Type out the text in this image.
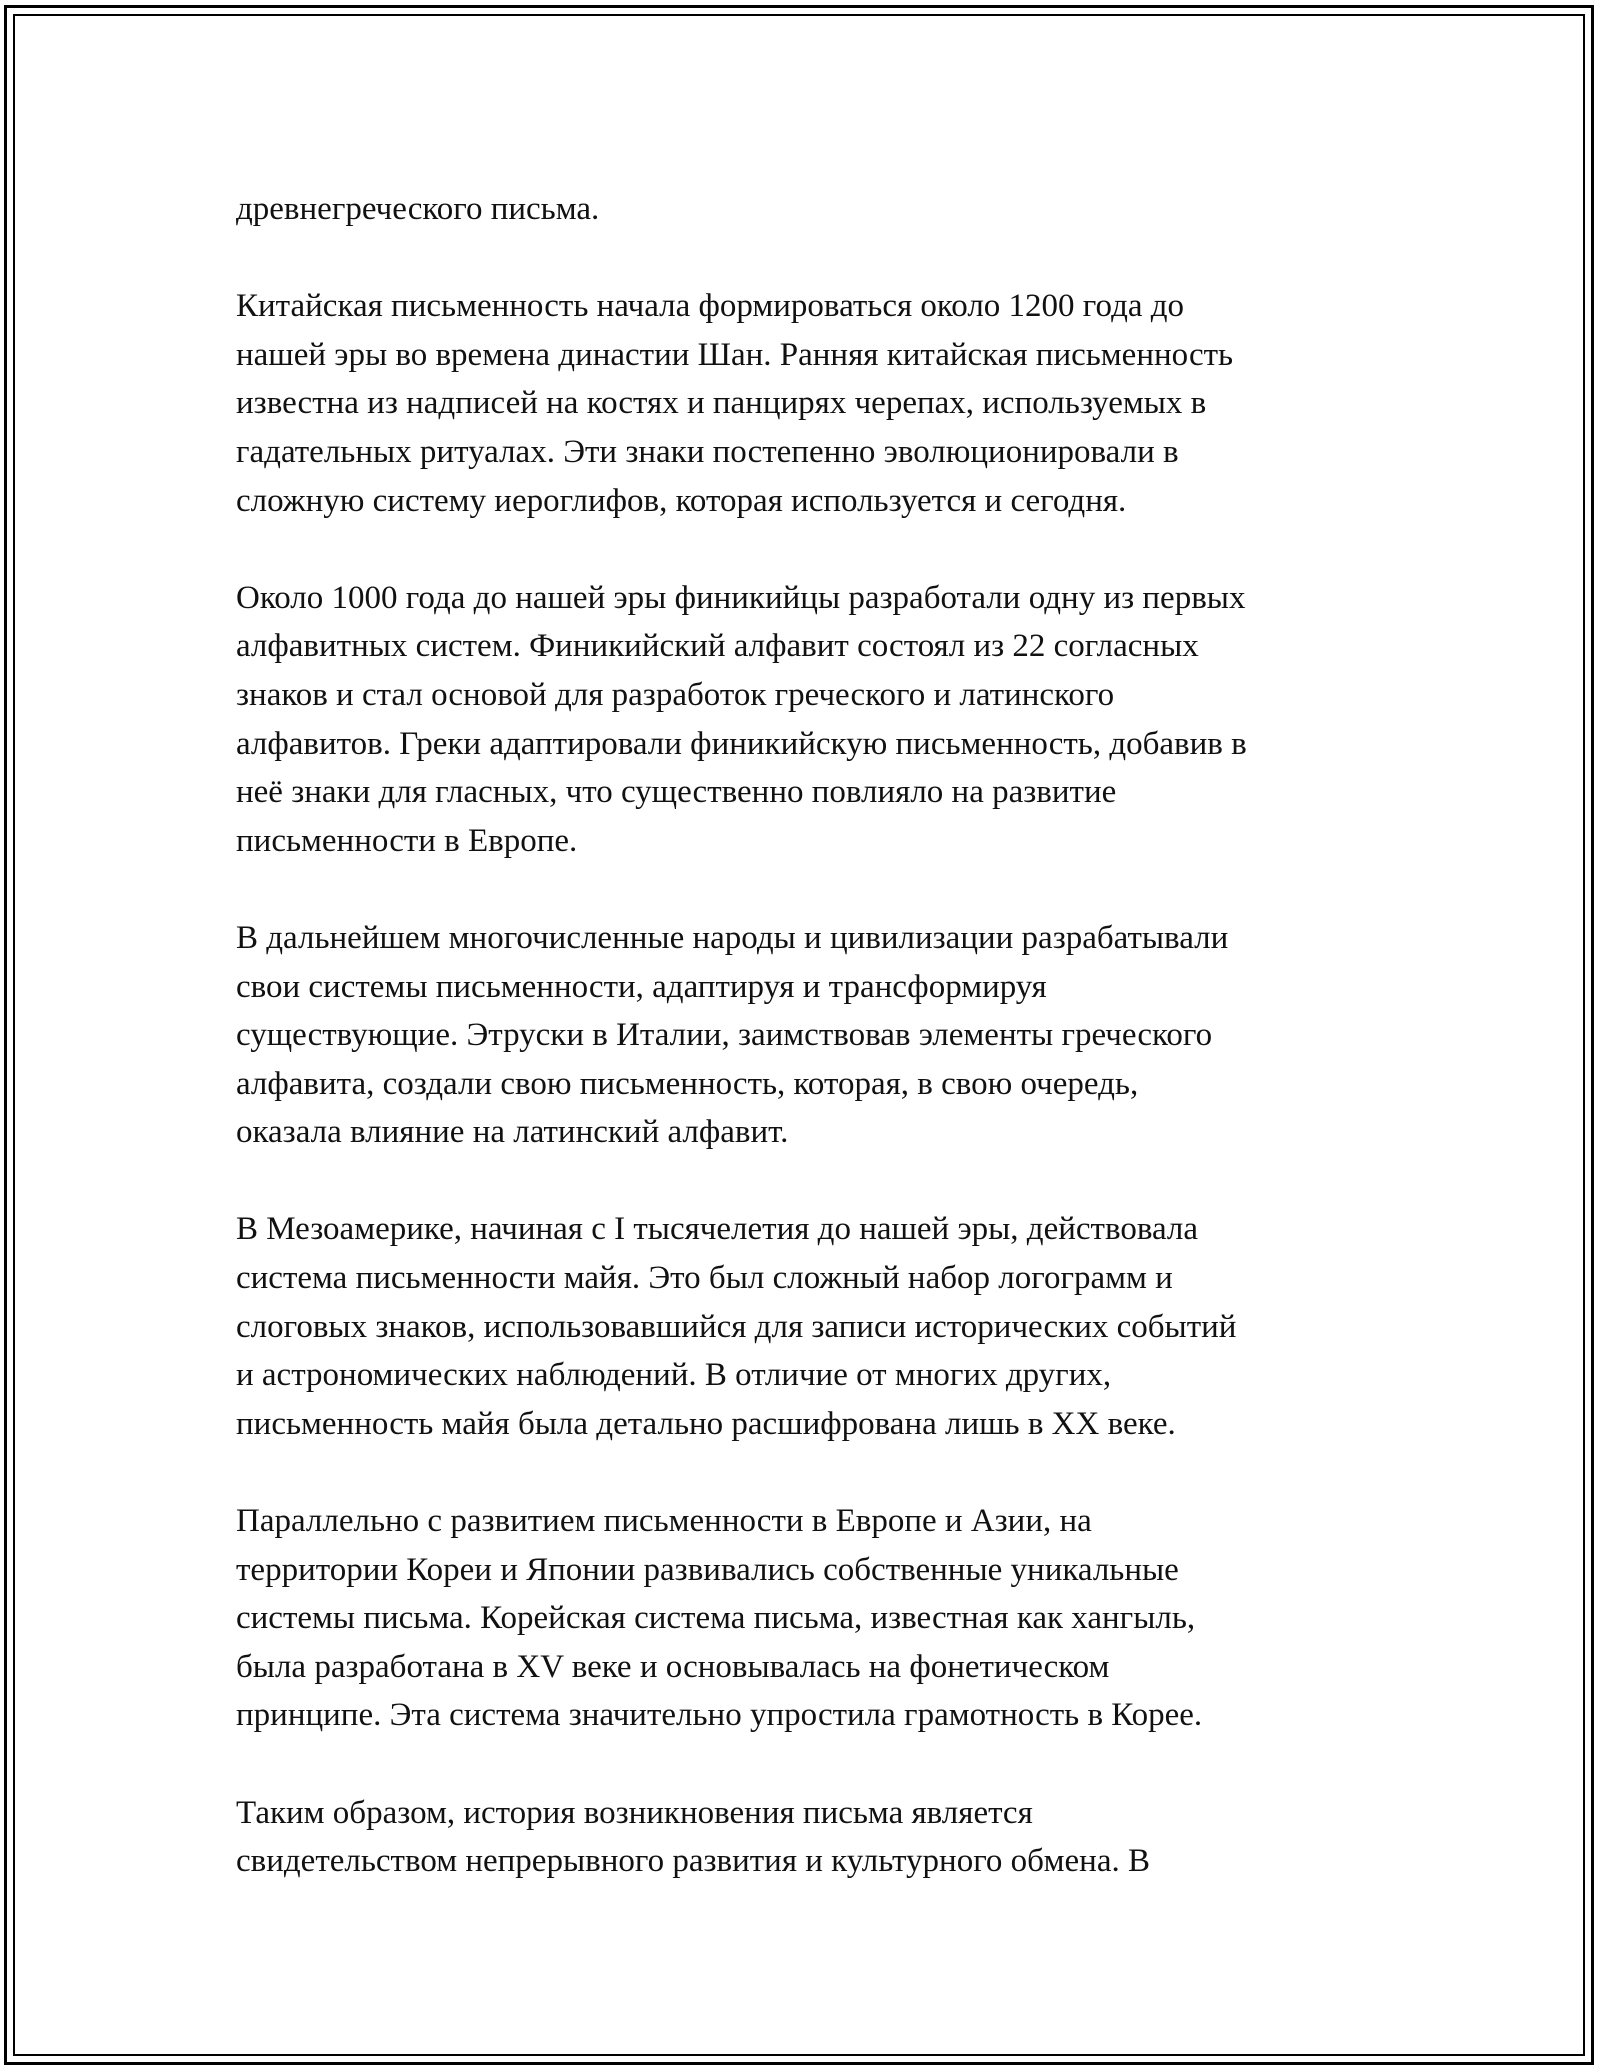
древнегреческого письма.

Китайская письменность начала формироваться около 1200 года до
нашей эры во времена династии Шан. Ранняя китайская письменность
известна из надписей на костях и панцирях черепах, используемых в
гадательных ритуалах. Эти знаки постепенно эволюционировали в
сложную систему иероглифов, которая используется и сегодня.

Около 1000 года до нашей эры финикийцы разработали одну из первых
алфавитных систем. Финикийский алфавит состоял из 22 согласных
знаков и стал основой для разработок греческого и латинского
алфавитов. Греки адаптировали финикийскую письменность, добавив в
неё знаки для гласных, что существенно повлияло на развитие
письменности в Европе.

В дальнейшем многочисленные народы и цивилизации разрабатывали
свои системы письменности, адаптируя и трансформируя
существующие. Этруски в Италии, заимствовав элементы греческого
алфавита, создали свою письменность, которая, в свою очередь,
оказала влияние на латинский алфавит.

В Мезоамерике, начиная с I тысячелетия до нашей эры, действовала
система письменности майя. Это был сложный набор логограмм и
слоговых знаков, использовавшийся для записи исторических событий
и астрономических наблюдений. В отличие от многих других,
письменность майя была детально расшифрована лишь в XX веке.

Параллельно с развитием письменности в Европе и Азии, на
территории Кореи и Японии развивались собственные уникальные
системы письма. Корейская система письма, известная как хангыль,
была разработана в XV веке и основывалась на фонетическом
принципе. Эта система значительно упростила грамотность в Корее.

Таким образом, история возникновения письма является
свидетельством непрерывного развития и культурного обмена. В
